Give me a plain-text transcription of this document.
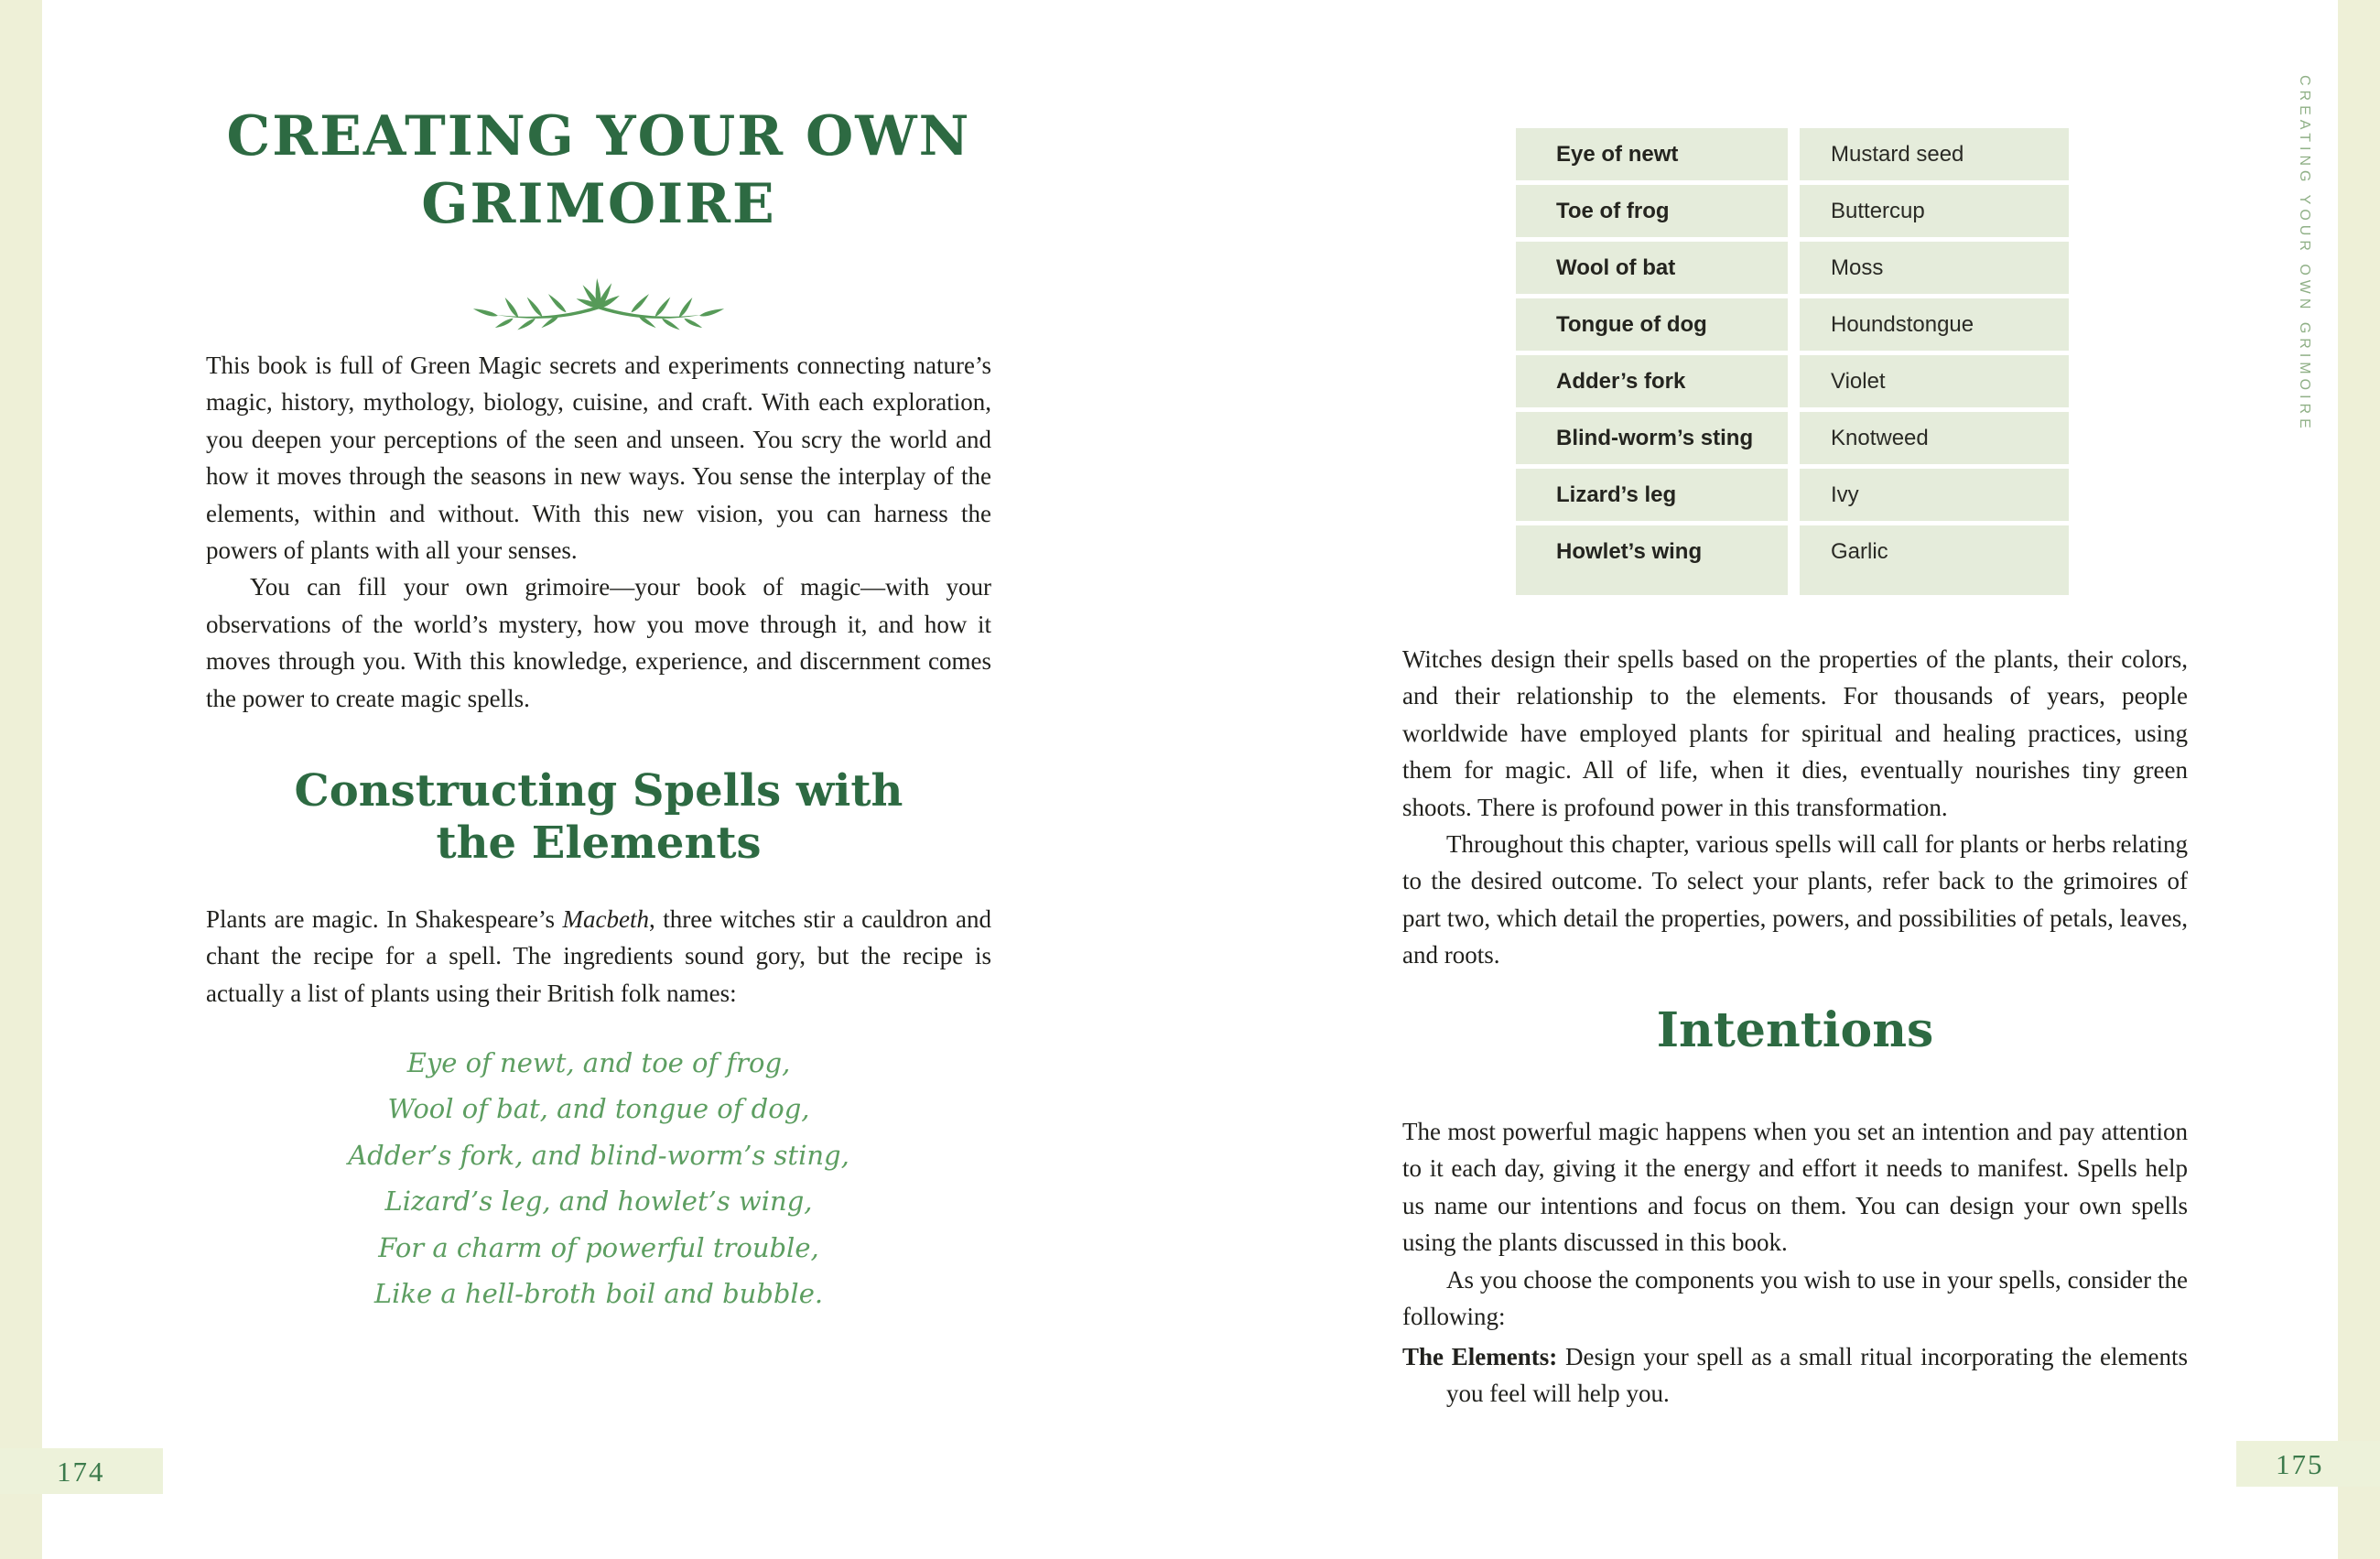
CREATING YOUR OWN
GRIMOIRE

This book is full of Green Magic secrets and experiments connecting nature’s magic, history, mythology, biology, cuisine, and craft. With each exploration, you deepen your perceptions of the seen and unseen. You scry the world and how it moves through the seasons in new ways. You sense the interplay of the elements, within and without. With this new vision, you can harness the powers of plants with all your senses.

You can fill your own grimoire—your book of magic—with your observations of the world’s mystery, how you move through it, and how it moves through you. With this knowledge, experience, and discernment comes the power to create magic spells.

Constructing Spells with
the Elements

Plants are magic. In Shakespeare’s Macbeth, three witches stir a cauldron and chant the recipe for a spell. The ingredients sound gory, but the recipe is actually a list of plants using their British folk names:

Eye of newt, and toe of frog,
Wool of bat, and tongue of dog,
Adder’s fork, and blind-worm’s sting,
Lizard’s leg, and howlet’s wing,
For a charm of powerful trouble,
Like a hell-broth boil and bubble.
174
Eye of newt	Mustard seed
Toe of frog	Buttercup
Wool of bat	Moss
Tongue of dog	Houndstongue
Adder’s fork	Violet
Blind-worm’s sting	Knotweed
Lizard’s leg	Ivy
Howlet’s wing	Garlic

Witches design their spells based on the properties of the plants, their colors, and their relationship to the elements. For thousands of years, people worldwide have employed plants for spiritual and healing practices, using them for magic. All of life, when it dies, eventually nourishes tiny green shoots. There is profound power in this transformation.

Throughout this chapter, various spells will call for plants or herbs relating to the desired outcome. To select your plants, refer back to the grimoires of part two, which detail the properties, powers, and possibilities of petals, leaves, and roots.

Intentions

The most powerful magic happens when you set an intention and pay attention to it each day, giving it the energy and effort it needs to manifest. Spells help us name our intentions and focus on them. You can design your own spells using the plants discussed in this book.

As you choose the components you wish to use in your spells, consider the following:

The Elements: Design your spell as a small ritual incorporating the elements you feel will help you.

175
CREATING YOUR OWN GRIMOIRE
